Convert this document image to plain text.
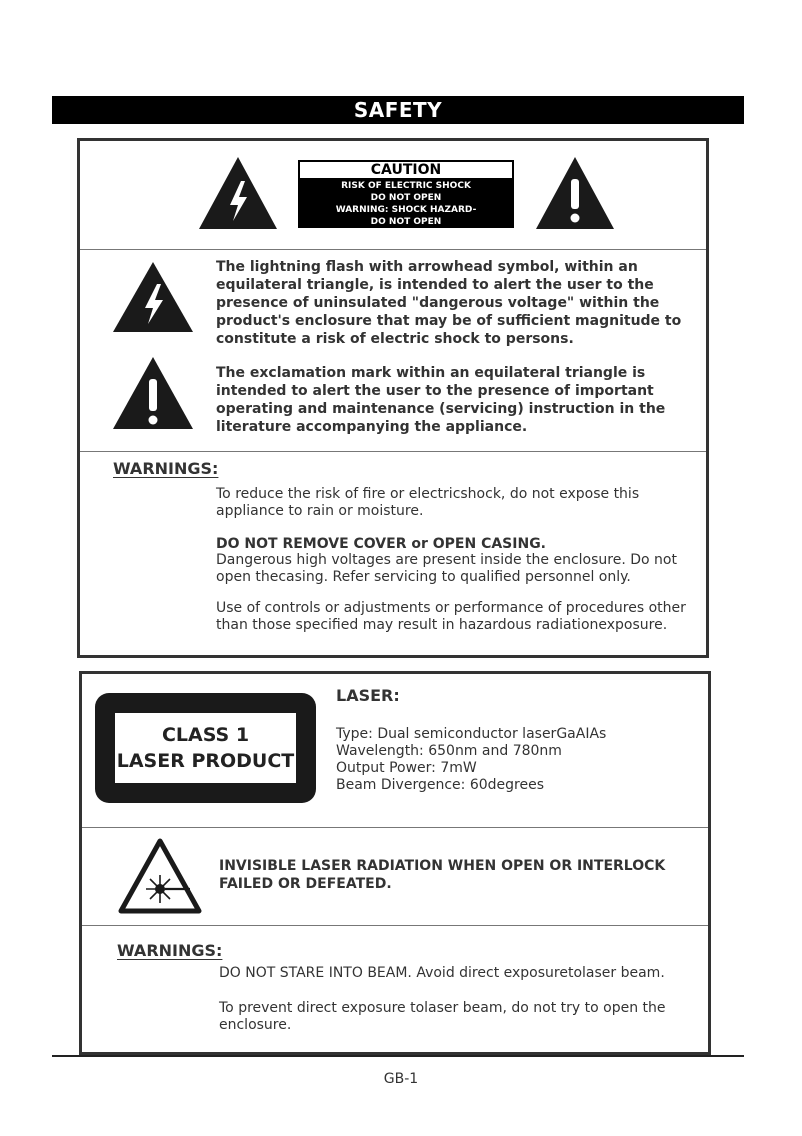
SAFETY
CAUTION
RISK OF ELECTRIC SHOCK
DO NOT OPEN
WARNING: SHOCK HAZARD-
DO NOT OPEN
The lightning flash with arrowhead symbol, within an equilateral triangle, is intended to alert the user to the presence of uninsulated "dangerous voltage" within the product's enclosure that may be of sufficient magnitude to constitute a risk of electric shock to persons.
The exclamation mark within an equilateral triangle is intended to alert the user to the presence of important operating and maintenance (servicing) instruction in the literature accompanying the appliance.
WARNINGS:
To reduce the risk of fire or electricshock, do not expose this appliance to rain or moisture.
DO NOT REMOVE COVER or OPEN CASING.
Dangerous high voltages are present inside the enclosure. Do not open thecasing. Refer servicing to qualified personnel only.
Use of controls or adjustments or performance of procedures other than those specified may result in hazardous radiationexposure.
CLASS 1
LASER PRODUCT
LASER:
Type: Dual semiconductor laserGaAIAs
Wavelength: 650nm and 780nm
Output Power: 7mW
Beam Divergence: 60degrees
INVISIBLE LASER RADIATION WHEN OPEN OR INTERLOCK FAILED OR DEFEATED.
WARNINGS:
DO NOT STARE INTO BEAM. Avoid direct exposuretolaser beam.
To prevent direct exposure tolaser beam, do not try to open the enclosure.
GB-1
